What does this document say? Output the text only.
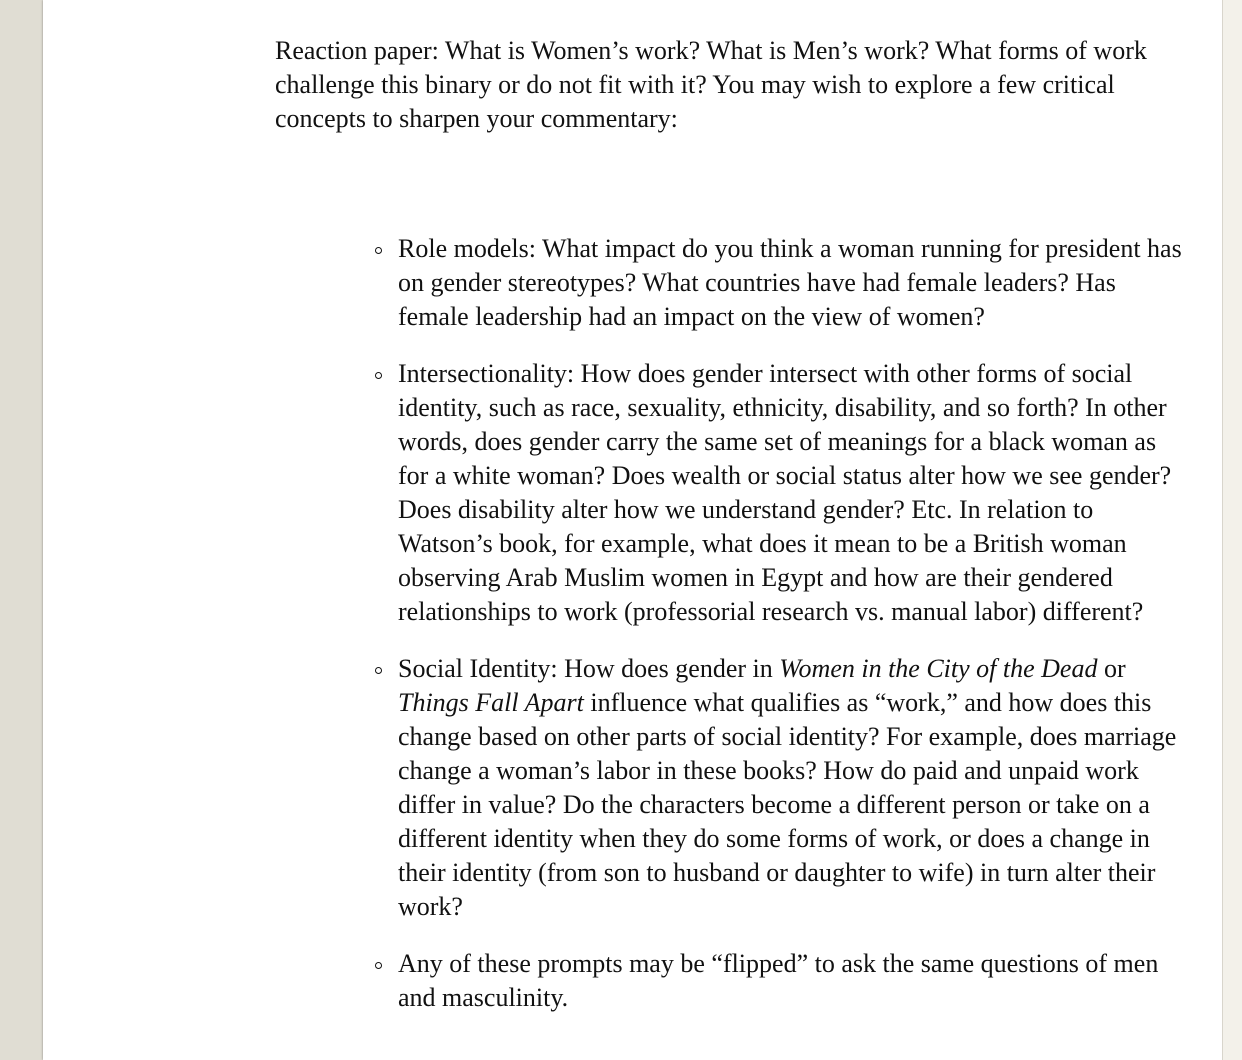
Reaction paper: What is Women’s work? What is Men’s work? What forms of work challenge this binary or do not fit with it? You may wish to explore a few critical concepts to sharpen your commentary:

Role models: What impact do you think a woman running for president has on gender stereotypes? What countries have had female leaders? Has female leadership had an impact on the view of women?

Intersectionality: How does gender intersect with other forms of social identity, such as race, sexuality, ethnicity, disability, and so forth? In other words, does gender carry the same set of meanings for a black woman as for a white woman? Does wealth or social status alter how we see gender? Does disability alter how we understand gender? Etc. In relation to Watson’s book, for example, what does it mean to be a British woman observing Arab Muslim women in Egypt and how are their gendered relationships to work (professorial research vs. manual labor) different?

Social Identity: How does gender in Women in the City of the Dead or Things Fall Apart influence what qualifies as “work,” and how does this change based on other parts of social identity? For example, does marriage change a woman’s labor in these books? How do paid and unpaid work differ in value? Do the characters become a different person or take on a different identity when they do some forms of work, or does a change in their identity (from son to husband or daughter to wife) in turn alter their work?

Any of these prompts may be “flipped” to ask the same questions of men and masculinity.
